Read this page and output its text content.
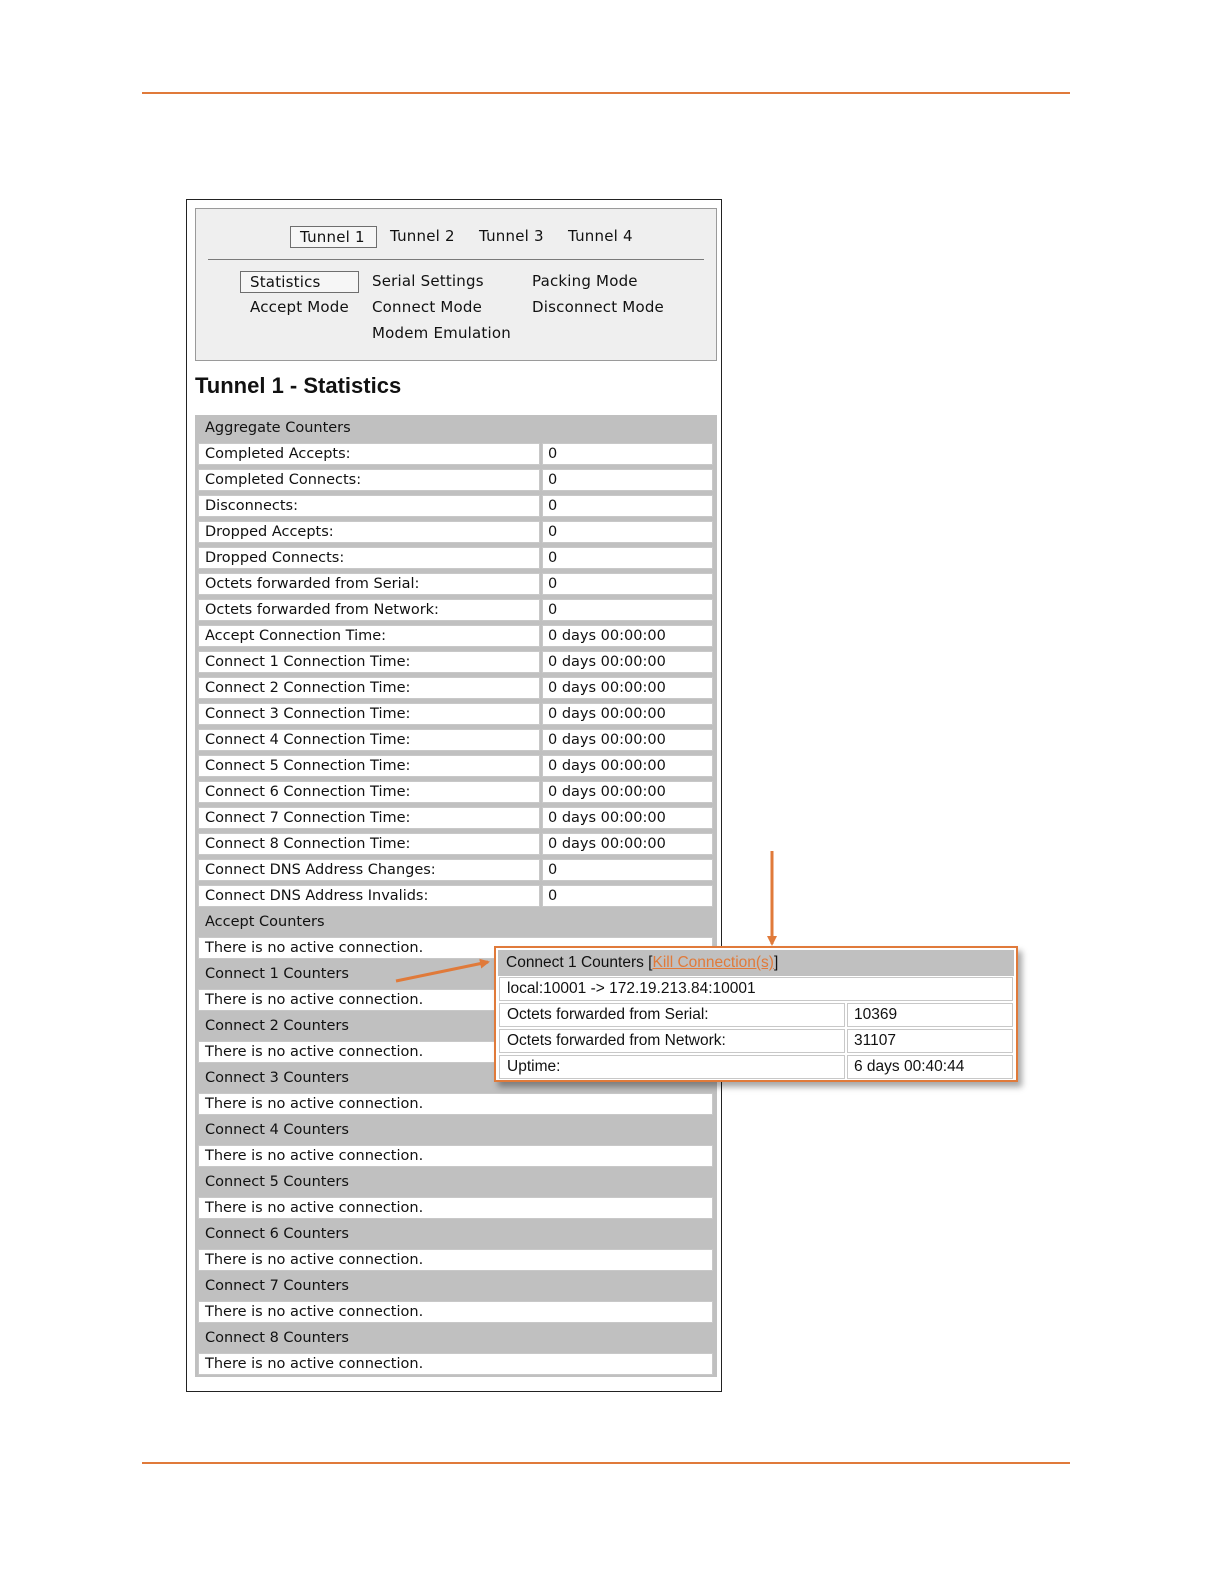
Tunnel 1	Tunnel 2 Tunnel 3 Tunnel 4
Statistics	Serial Settings	Packing Mode
Accept Mode Connect Mode	Disconnect Mode
Modem Emulation
Tunnel 1 - Statistics
Aggregate Counters
Completed Accepts:	0
Completed Connects:	0
Disconnects:	0
Dropped Accepts:	0
Dropped Connects:	0
Octets forwarded from Serial:	0
Octets forwarded from Network:	0
Accept Connection Time:	0 days 00:00:00
Connect 1 Connection Time:	0 days 00:00:00
Connect 2 Connection Time:	0 days 00:00:00
Connect 3 Connection Time:	0 days 00:00:00
Connect 4 Connection Time:	0 days 00:00:00
Connect 5 Connection Time:	0 days 00:00:00
Connect 6 Connection Time:	0 days 00:00:00
Connect 7 Connection Time:	0 days 00:00:00
Connect 8 Connection Time:	0 days 00:00:00
Connect DNS Address Changes:	0
Connect DNS Address Invalids:	0
Accept Counters
There is no active connection.
Connect 1 Counters
There is no active connection.
Connect 2 Counters
There is no active connection.
Connect 3 Counters
There is no active connection.
Connect 4 Counters
There is no active connection.
Connect 5 Counters
There is no active connection.
Connect 6 Counters
There is no active connection.
Connect 7 Counters
There is no active connection.
Connect 8 Counters
There is no active connection.
Connect 1 Counters [Kill Connection(s)]
local:10001 -> 172.19.213.84:10001
Octets forwarded from Serial:	10369
Octets forwarded from Network:	31107
Uptime:	6 days 00:40:44
